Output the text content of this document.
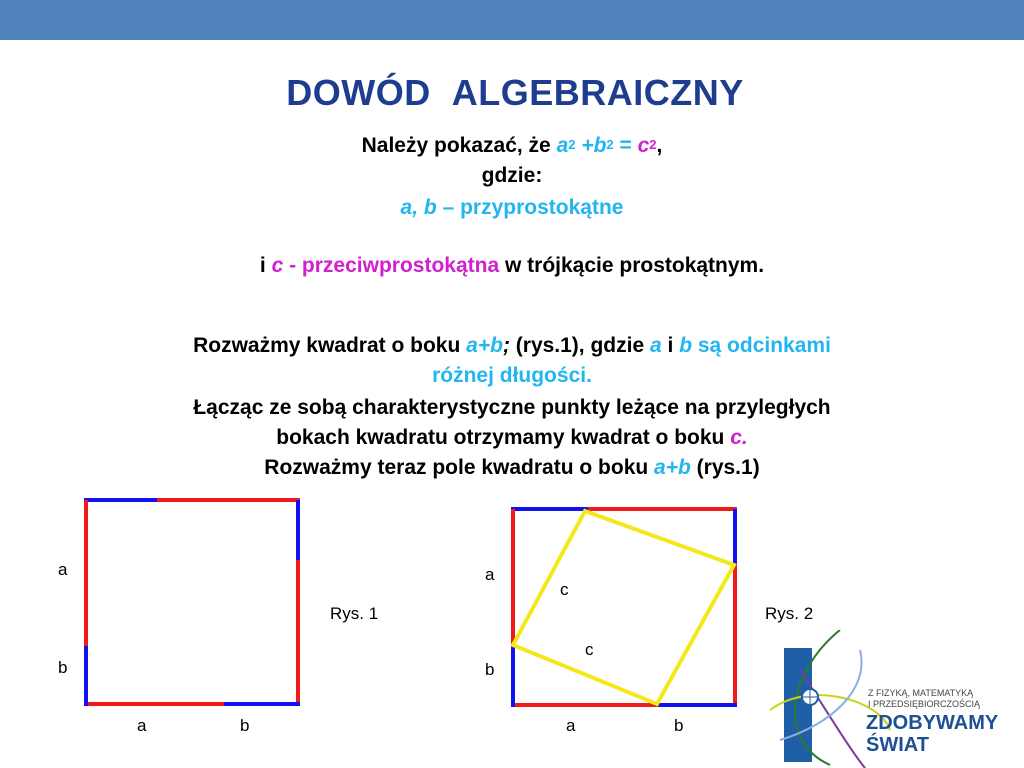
DOWÓD ALGEBRAICZNY
Należy pokazać, że $a^2 +b^2 = c^2$,
gdzie:
a, b – przyprostokątne
i c - przeciwprostokątna w trójkącie prostokątnym.
Rozważmy kwadrat o boku a+b; (rys.1), gdzie a i b są odcinkami
różnej długości.
Łącząc ze sobą charakterystyczne punkty leżące na przyległych
bokach kwadratu otrzymamy kwadrat o boku c.
Rozważmy teraz pole kwadratu o boku a+b (rys.1)
a
b
a	b
Rys. 1
a
b
a	b
c
c
Rys. 2
Z FIZYKĄ, MATEMATYKĄ
I PRZEDSIĘBIORCZOŚCIĄ
ZDOBYWAMY
ŚWIAT
